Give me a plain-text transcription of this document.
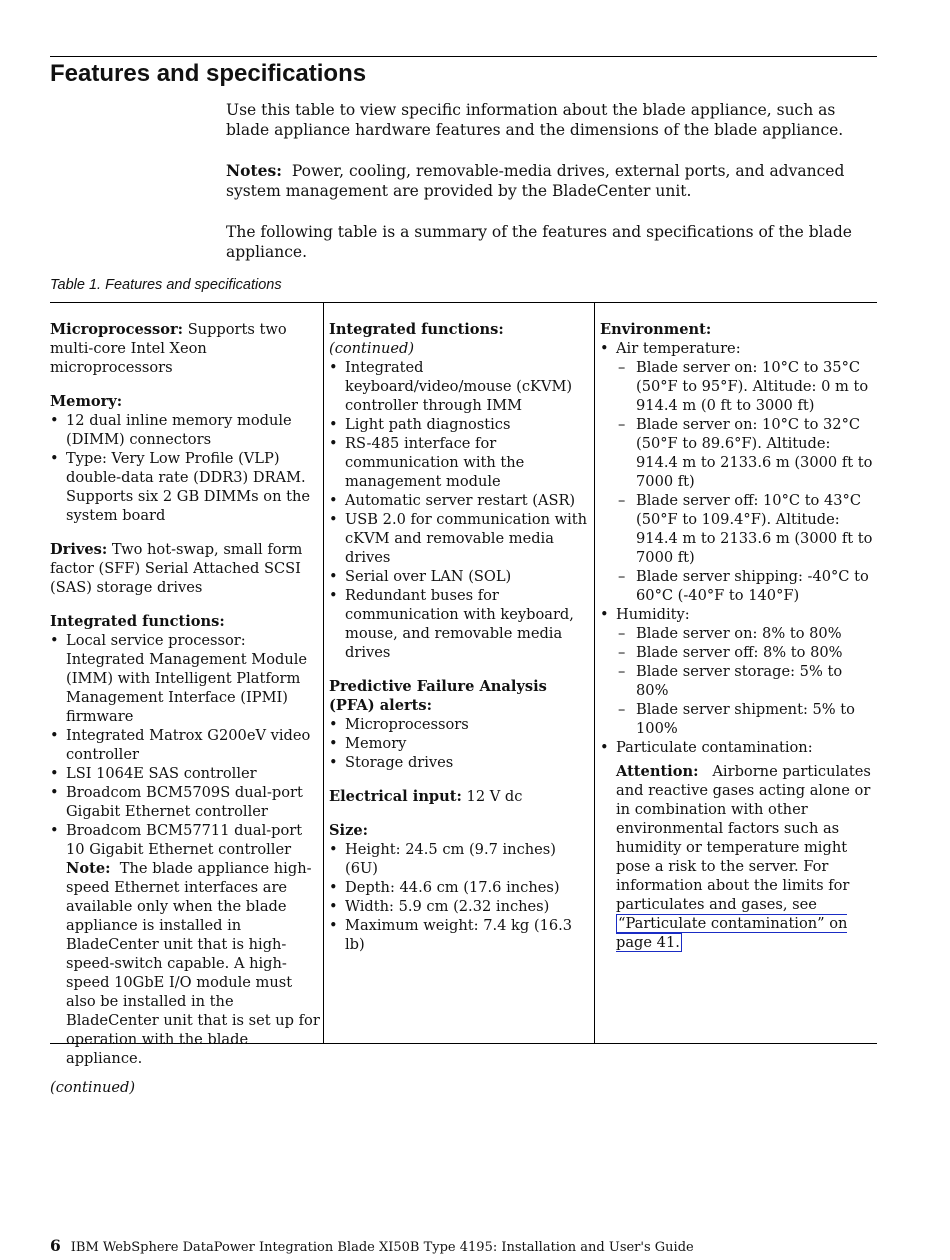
Features and specifications

Use this table to view specific information about the blade appliance, such as blade appliance hardware features and the dimensions of the blade appliance.

Notes: Power, cooling, removable-media drives, external ports, and advanced system management are provided by the BladeCenter unit.

The following table is a summary of the features and specifications of the blade appliance.

Table 1. Features and specifications

Microprocessor: Supports two multi-core Intel Xeon microprocessors

Memory:

• 12 dual inline memory module (DIMM) connectors
• Type: Very Low Profile (VLP) double-data rate (DDR3) DRAM. Supports six 2 GB DIMMs on the system board

Drives: Two hot-swap, small form factor (SFF) Serial Attached SCSI (SAS) storage drives

Integrated functions:

• Local service processor: Integrated Management Module (IMM) with Intelligent Platform Management Interface (IPMI) firmware
• Integrated Matrox G200eV video controller
• LSI 1064E SAS controller
• Broadcom BCM5709S dual-port Gigabit Ethernet controller
• Broadcom BCM57711 dual-port 10 Gigabit Ethernet controller
Note: The blade appliance high-speed Ethernet interfaces are available only when the blade appliance is installed in BladeCenter unit that is high-speed-switch capable. A high-speed 10GbE I/O module must also be installed in the BladeCenter unit that is set up for operation with the blade appliance.

(continued)

Integrated functions: (continued)

• Integrated keyboard/video/mouse (cKVM) controller through IMM
• Light path diagnostics
• RS-485 interface for communication with the management module
• Automatic server restart (ASR)
• USB 2.0 for communication with cKVM and removable media drives
• Serial over LAN (SOL)
• Redundant buses for communication with keyboard, mouse, and removable media drives

Predictive Failure Analysis (PFA) alerts:

• Microprocessors
• Memory
• Storage drives

Electrical input: 12 V dc

Size:

• Height: 24.5 cm (9.7 inches) (6U)
• Depth: 44.6 cm (17.6 inches)
• Width: 5.9 cm (2.32 inches)
• Maximum weight: 7.4 kg (16.3 lb)

Environment:

• Air temperature:
– Blade server on: 10°C to 35°C (50°F to 95°F). Altitude: 0 m to 914.4 m (0 ft to 3000 ft)
– Blade server on: 10°C to 32°C (50°F to 89.6°F). Altitude: 914.4 m to 2133.6 m (3000 ft to 7000 ft)
– Blade server off: 10°C to 43°C (50°F to 109.4°F). Altitude: 914.4 m to 2133.6 m (3000 ft to 7000 ft)
– Blade server shipping: -40°C to 60°C (-40°F to 140°F)
• Humidity:
– Blade server on: 8% to 80%
– Blade server off: 8% to 80%
– Blade server storage: 5% to 80%
– Blade server shipment: 5% to 100%
• Particulate contamination:
Attention: Airborne particulates and reactive gases acting alone or in combination with other environmental factors such as humidity or temperature might pose a risk to the server. For information about the limits for particulates and gases, see “Particulate contamination” on page 41.
6 IBM WebSphere DataPower Integration Blade XI50B Type 4195: Installation and User's Guide
